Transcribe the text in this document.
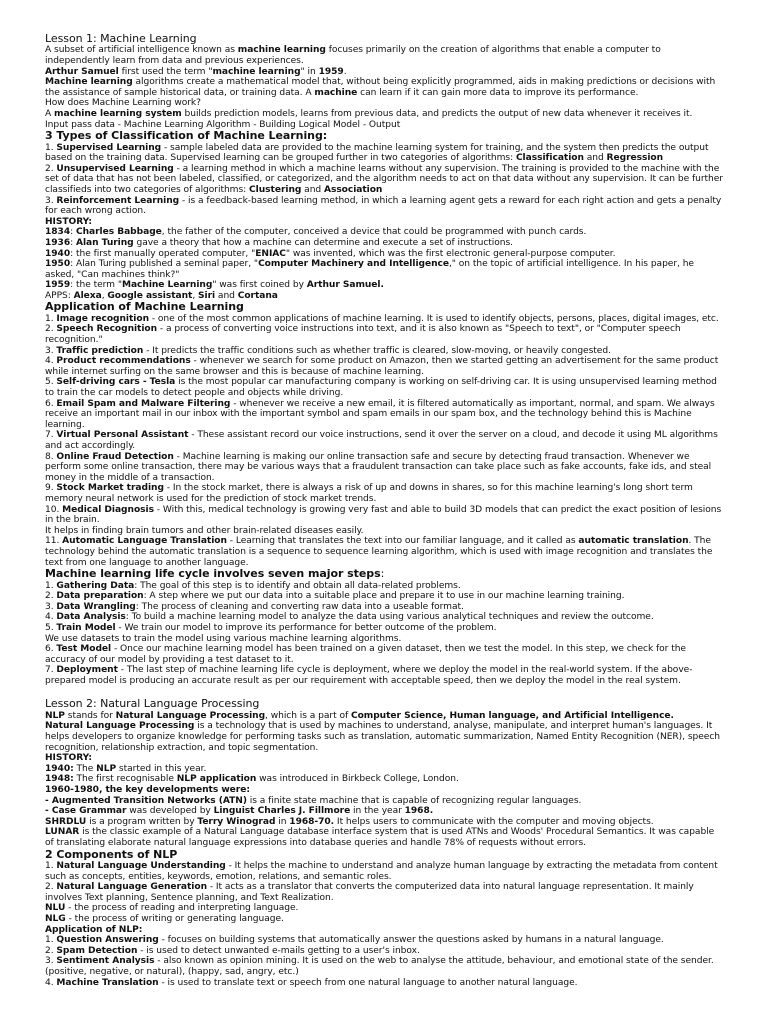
Lesson 1: Machine Learning

A subset of artificial intelligence known as machine learning focuses primarily on the creation of algorithms that enable a computer to independently learn from data and previous experiences.

Arthur Samuel first used the term "machine learning" in 1959.

Machine learning algorithms create a mathematical model that, without being explicitly programmed, aids in making predictions or decisions with the assistance of sample historical data, or training data. A machine can learn if it can gain more data to improve its performance.

How does Machine Learning work?

A machine learning system builds prediction models, learns from previous data, and predicts the output of new data whenever it receives it.

Input pass data - Machine Learning Algorithm - Building Logical Model - Output

3 Types of Classification of Machine Learning:

1. Supervised Learning - sample labeled data are provided to the machine learning system for training, and the system then predicts the output based on the training data. Supervised learning can be grouped further in two categories of algorithms: Classification and Regression

2. Unsupervised Learning - a learning method in which a machine learns without any supervision. The training is provided to the machine with the set of data that has not been labeled, classified, or categorized, and the algorithm needs to act on that data without any supervision. It can be further classifieds into two categories of algorithms: Clustering and Association

3. Reinforcement Learning - is a feedback-based learning method, in which a learning agent gets a reward for each right action and gets a penalty for each wrong action.

HISTORY:

1834: Charles Babbage, the father of the computer, conceived a device that could be programmed with punch cards.

1936: Alan Turing gave a theory that how a machine can determine and execute a set of instructions.

1940: the first manually operated computer, "ENIAC" was invented, which was the first electronic general-purpose computer.

1950: Alan Turing published a seminal paper, "Computer Machinery and Intelligence," on the topic of artificial intelligence. In his paper, he asked, "Can machines think?"

1959: the term "Machine Learning" was first coined by Arthur Samuel.

APPS: Alexa, Google assistant, Siri and Cortana

Application of Machine Learning

1. Image recognition - one of the most common applications of machine learning. It is used to identify objects, persons, places, digital images, etc.

2. Speech Recognition - a process of converting voice instructions into text, and it is also known as "Speech to text", or "Computer speech recognition."

3. Traffic prediction - It predicts the traffic conditions such as whether traffic is cleared, slow-moving, or heavily congested.

4. Product recommendations - whenever we search for some product on Amazon, then we started getting an advertisement for the same product while internet surfing on the same browser and this is because of machine learning.

5. Self-driving cars - Tesla is the most popular car manufacturing company is working on self-driving car. It is using unsupervised learning method to train the car models to detect people and objects while driving.

6. Email Spam and Malware Filtering - whenever we receive a new email, it is filtered automatically as important, normal, and spam. We always receive an important mail in our inbox with the important symbol and spam emails in our spam box, and the technology behind this is Machine learning.

7. Virtual Personal Assistant - These assistant record our voice instructions, send it over the server on a cloud, and decode it using ML algorithms and act accordingly.

8. Online Fraud Detection - Machine learning is making our online transaction safe and secure by detecting fraud transaction. Whenever we perform some online transaction, there may be various ways that a fraudulent transaction can take place such as fake accounts, fake ids, and steal money in the middle of a transaction.

9. Stock Market trading - In the stock market, there is always a risk of up and downs in shares, so for this machine learning's long short term memory neural network is used for the prediction of stock market trends.

10. Medical Diagnosis - With this, medical technology is growing very fast and able to build 3D models that can predict the exact position of lesions in the brain.

It helps in finding brain tumors and other brain-related diseases easily.

11. Automatic Language Translation - Learning that translates the text into our familiar language, and it called as automatic translation. The technology behind the automatic translation is a sequence to sequence learning algorithm, which is used with image recognition and translates the text from one language to another language.

Machine learning life cycle involves seven major steps:

1. Gathering Data: The goal of this step is to identify and obtain all data-related problems.

2. Data preparation: A step where we put our data into a suitable place and prepare it to use in our machine learning training.

3. Data Wrangling: The process of cleaning and converting raw data into a useable format.

4. Data Analysis: To build a machine learning model to analyze the data using various analytical techniques and review the outcome.

5. Train Model - We train our model to improve its performance for better outcome of the problem.

We use datasets to train the model using various machine learning algorithms.

6. Test Model - Once our machine learning model has been trained on a given dataset, then we test the model. In this step, we check for the accuracy of our model by providing a test dataset to it.

7. Deployment - The last step of machine learning life cycle is deployment, where we deploy the model in the real-world system. If the above-prepared model is producing an accurate result as per our requirement with acceptable speed, then we deploy the model in the real system.

Lesson 2: Natural Language Processing

NLP stands for Natural Language Processing, which is a part of Computer Science, Human language, and Artificial Intelligence.

Natural Language Processing is a technology that is used by machines to understand, analyse, manipulate, and interpret human's languages. It helps developers to organize knowledge for performing tasks such as translation, automatic summarization, Named Entity Recognition (NER), speech recognition, relationship extraction, and topic segmentation.

HISTORY:

1940: The NLP started in this year.

1948: The first recognisable NLP application was introduced in Birkbeck College, London.

1960-1980, the key developments were:

- Augmented Transition Networks (ATN) is a finite state machine that is capable of recognizing regular languages.

- Case Grammar was developed by Linguist Charles J. Fillmore in the year 1968.

SHRDLU is a program written by Terry Winograd in 1968-70. It helps users to communicate with the computer and moving objects.

LUNAR is the classic example of a Natural Language database interface system that is used ATNs and Woods' Procedural Semantics. It was capable of translating elaborate natural language expressions into database queries and handle 78% of requests without errors.

2 Components of NLP

1. Natural Language Understanding - It helps the machine to understand and analyze human language by extracting the metadata from content such as concepts, entities, keywords, emotion, relations, and semantic roles.

2. Natural Language Generation - It acts as a translator that converts the computerized data into natural language representation. It mainly involves Text planning, Sentence planning, and Text Realization.

NLU - the process of reading and interpreting language.

NLG - the process of writing or generating language.

Application of NLP:

1. Question Answering - focuses on building systems that automatically answer the questions asked by humans in a natural language.

2. Spam Detection - is used to detect unwanted e-mails getting to a user's inbox.

3. Sentiment Analysis - also known as opinion mining. It is used on the web to analyse the attitude, behaviour, and emotional state of the sender. (positive, negative, or natural), (happy, sad, angry, etc.)

4. Machine Translation - is used to translate text or speech from one natural language to another natural language.
